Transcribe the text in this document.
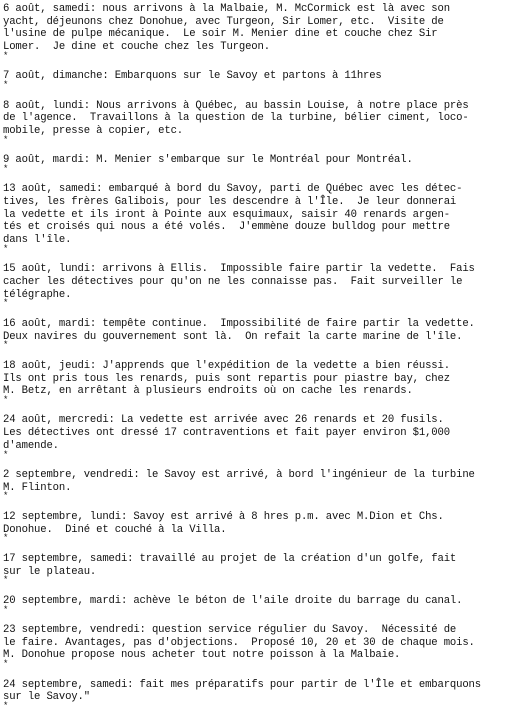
6 août, samedi: nous arrivons à la Malbaie, M. McCormick est là avec son
yacht, déjeunons chez Donohue, avec Turgeon, Sir Lomer, etc.  Visite de
l'usine de pulpe mécanique.  Le soir M. Menier dine et couche chez Sir
Lomer.  Je dine et couche chez les Turgeon.
*
7 août, dimanche: Embarquons sur le Savoy et partons à 11hres
*
8 août, lundi: Nous arrivons à Québec, au bassin Louise, à notre place près
de l'agence.  Travaillons à la question de la turbine, bélier ciment, loco-
mobile, presse à copier, etc.
*
9 août, mardi: M. Menier s'embarque sur le Montréal pour Montréal.
*
13 août, samedi: embarqué à bord du Savoy, parti de Québec avec les détec-
tives, les frères Galibois, pour les descendre à l'Île.  Je leur donnerai
la vedette et ils iront à Pointe aux esquimaux, saisir 40 renards argen-
tés et croisés qui nous a été volés.  J'emmène douze bulldog pour mettre
dans l'île.
*
15 août, lundi: arrivons à Ellis.  Impossible faire partir la vedette.  Fais
cacher les détectives pour qu'on ne les connaisse pas.  Fait surveiller le
télégraphe.
*
16 août, mardi: tempête continue.  Impossibilité de faire partir la vedette.
Deux navires du gouvernement sont là.  On refait la carte marine de l'île.
*
18 août, jeudi: J'apprends que l'expédition de la vedette a bien réussi.
Ils ont pris tous les renards, puis sont repartis pour piastre bay, chez
M. Betz, en arrêtant à plusieurs endroits où on cache les renards.
*
24 août, mercredi: La vedette est arrivée avec 26 renards et 20 fusils.
Les détectives ont dressé 17 contraventions et fait payer environ $1,000
d'amende.
*
2 septembre, vendredi: le Savoy est arrivé, à bord l'ingénieur de la turbine
M. Flinton.
*
12 septembre, lundi: Savoy est arrivé à 8 hres p.m. avec M.Dion et Chs.
Donohue.  Diné et couché à la Villa.
*
17 septembre, samedi: travaillé au projet de la création d'un golfe, fait
sur le plateau.
*
20 septembre, mardi: achève le béton de l'aile droite du barrage du canal.
*
23 septembre, vendredi: question service régulier du Savoy.  Nécessité de
le faire. Avantages, pas d'objections.  Proposé 10, 20 et 30 de chaque mois.
M. Donohue propose nous acheter tout notre poisson à la Malbaie.
*
24 septembre, samedi: fait mes préparatifs pour partir de l'Île et embarquons
sur le Savoy."
*
